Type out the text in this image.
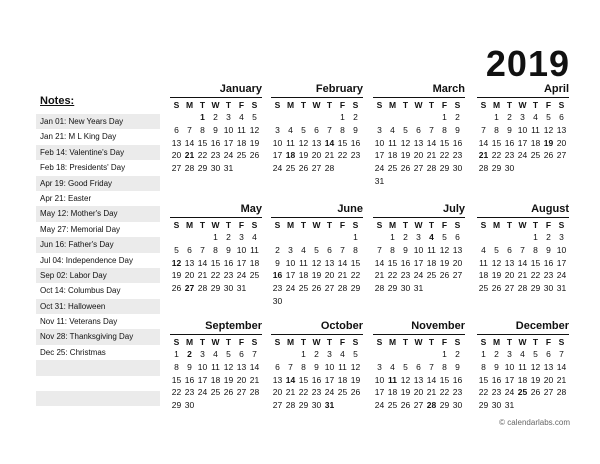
2019
Notes:
Jan 01: New Years Day
Jan 21: M L King Day
Feb 14: Valentine's Day
Feb 18: Presidents' Day
Apr 19: Good Friday
Apr 21: Easter
May 12: Mother's Day
May 27: Memorial Day
Jun 16: Father's Day
Jul 04: Independence Day
Sep 02: Labor Day
Oct 14: Columbus Day
Oct 31: Halloween
Nov 11: Veterans Day
Nov 28: Thanksgiving Day
Dec 25: Christmas
January
S M T W T F S
1 2 3 4 5
6 7 8 9 10 11 12
13 14 15 16 17 18 19
20 21 22 23 24 25 26
27 28 29 30 31
February
S M T W T F S
1 2
3 4 5 6 7 8 9
10 11 12 13 14 15 16
17 18 19 20 21 22 23
24 25 26 27 28
March
S M T W T F S
1 2
3 4 5 6 7 8 9
10 11 12 13 14 15 16
17 18 19 20 21 22 23
24 25 26 27 28 29 30
31
April
S M T W T F S
1 2 3 4 5 6
7 8 9 10 11 12 13
14 15 16 17 18 19 20
21 22 23 24 25 26 27
28 29 30
May
S M T W T F S
1 2 3 4
5 6 7 8 9 10 11
12 13 14 15 16 17 18
19 20 21 22 23 24 25
26 27 28 29 30 31
June
S M T W T F S
1
2 3 4 5 6 7 8
9 10 11 12 13 14 15
16 17 18 19 20 21 22
23 24 25 26 27 28 29
30
July
S M T W T F S
1 2 3 4 5 6
7 8 9 10 11 12 13
14 15 16 17 18 19 20
21 22 23 24 25 26 27
28 29 30 31
August
S M T W T F S
1 2 3
4 5 6 7 8 9 10
11 12 13 14 15 16 17
18 19 20 21 22 23 24
25 26 27 28 29 30 31
September
S M T W T F S
1 2 3 4 5 6 7
8 9 10 11 12 13 14
15 16 17 18 19 20 21
22 23 24 25 26 27 28
29 30
October
S M T W T F S
1 2 3 4 5
6 7 8 9 10 11 12
13 14 15 16 17 18 19
20 21 22 23 24 25 26
27 28 29 30 31
November
S M T W T F S
1 2
3 4 5 6 7 8 9
10 11 12 13 14 15 16
17 18 19 20 21 22 23
24 25 26 27 28 29 30
December
S M T W T F S
1 2 3 4 5 6 7
8 9 10 11 12 13 14
15 16 17 18 19 20 21
22 23 24 25 26 27 28
29 30 31
© calendarlabs.com
